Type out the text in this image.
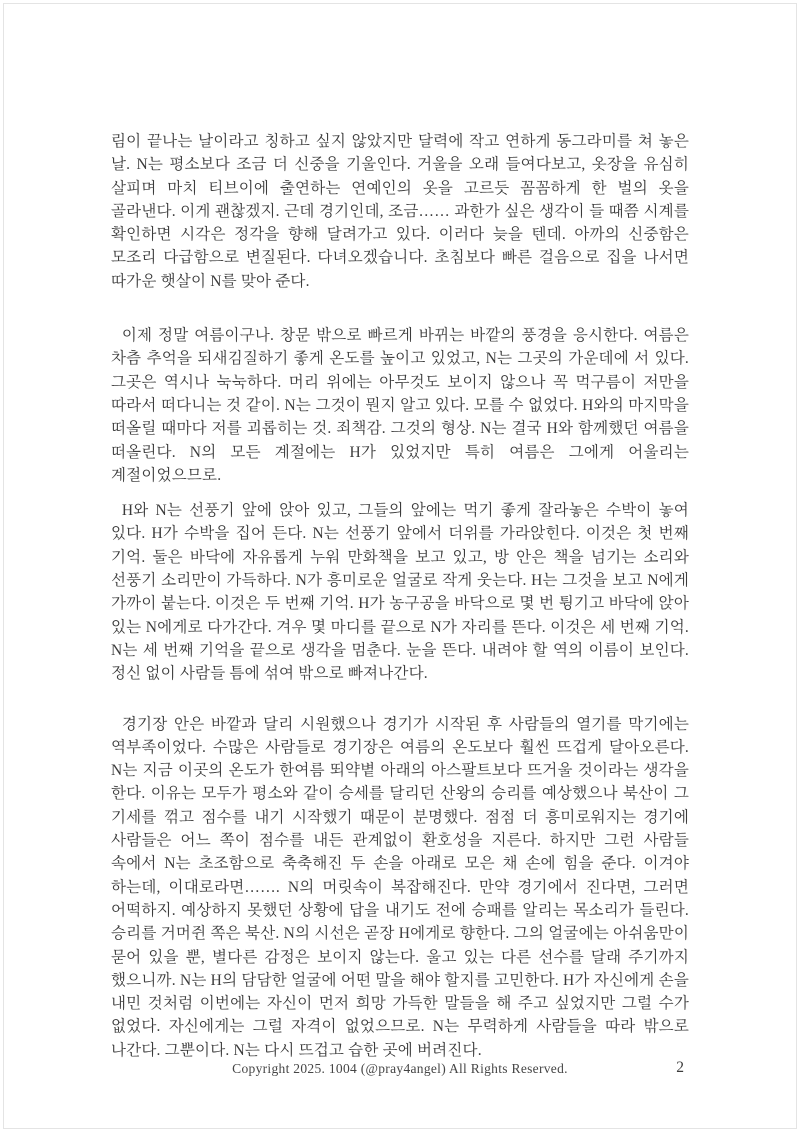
림이 끝나는 날이라고 칭하고 싶지 않았지만 달력에 작고 연하게 동그라미를 쳐 놓은 날. N는 평소보다 조금 더 신중을 기울인다. 거울을 오래 들여다보고, 옷장을 유심히 살피며 마치 티브이에 출연하는 연예인의 옷을 고르듯 꼼꼼하게 한 벌의 옷을 골라낸다. 이게 괜찮겠지. 근데 경기인데, 조금…… 과한가 싶은 생각이 들 때쯤 시계를 확인하면 시각은 정각을 향해 달려가고 있다. 이러다 늦을 텐데. 아까의 신중함은 모조리 다급함으로 변질된다. 다녀오겠습니다. 초침보다 빠른 걸음으로 집을 나서면 따가운 햇살이 N를 맞아 준다.

이제 정말 여름이구나. 창문 밖으로 빠르게 바뀌는 바깥의 풍경을 응시한다. 여름은 차츰 추억을 되새김질하기 좋게 온도를 높이고 있었고, N는 그곳의 가운데에 서 있다. 그곳은 역시나 눅눅하다. 머리 위에는 아무것도 보이지 않으나 꼭 먹구름이 저만을 따라서 떠다니는 것 같이. N는 그것이 뭔지 알고 있다. 모를 수 없었다. H와의 마지막을 떠올릴 때마다 저를 괴롭히는 것. 죄책감. 그것의 형상. N는 결국 H와 함께했던 여름을 떠올린다. N의 모든 계절에는 H가 있었지만 특히 여름은 그에게 어울리는 계절이었으므로.

H와 N는 선풍기 앞에 앉아 있고, 그들의 앞에는 먹기 좋게 잘라놓은 수박이 놓여 있다. H가 수박을 집어 든다. N는 선풍기 앞에서 더위를 가라앉힌다. 이것은 첫 번째 기억. 둘은 바닥에 자유롭게 누워 만화책을 보고 있고, 방 안은 책을 넘기는 소리와 선풍기 소리만이 가득하다. N가 흥미로운 얼굴로 작게 웃는다. H는 그것을 보고 N에게 가까이 붙는다. 이것은 두 번째 기억. H가 농구공을 바닥으로 몇 번 튕기고 바닥에 앉아 있는 N에게로 다가간다. 겨우 몇 마디를 끝으로 N가 자리를 뜬다. 이것은 세 번째 기억. N는 세 번째 기억을 끝으로 생각을 멈춘다. 눈을 뜬다. 내려야 할 역의 이름이 보인다. 정신 없이 사람들 틈에 섞여 밖으로 빠져나간다.

경기장 안은 바깥과 달리 시원했으나 경기가 시작된 후 사람들의 열기를 막기에는 역부족이었다. 수많은 사람들로 경기장은 여름의 온도보다 훨씬 뜨겁게 달아오른다. N는 지금 이곳의 온도가 한여름 뙤약볕 아래의 아스팔트보다 뜨거울 것이라는 생각을 한다. 이유는 모두가 평소와 같이 승세를 달리던 산왕의 승리를 예상했으나 북산이 그 기세를 꺾고 점수를 내기 시작했기 때문이 분명했다. 점점 더 흥미로워지는 경기에 사람들은 어느 쪽이 점수를 내든 관계없이 환호성을 지른다. 하지만 그런 사람들 속에서 N는 초조함으로 축축해진 두 손을 아래로 모은 채 손에 힘을 준다. 이겨야 하는데, 이대로라면……. N의 머릿속이 복잡해진다. 만약 경기에서 진다면, 그러면 어떡하지. 예상하지 못했던 상황에 답을 내기도 전에 승패를 알리는 목소리가 들린다. 승리를 거머쥔 쪽은 북산. N의 시선은 곧장 H에게로 향한다. 그의 얼굴에는 아쉬움만이 묻어 있을 뿐, 별다른 감정은 보이지 않는다. 울고 있는 다른 선수를 달래 주기까지 했으니까. N는 H의 담담한 얼굴에 어떤 말을 해야 할지를 고민한다. H가 자신에게 손을 내민 것처럼 이번에는 자신이 먼저 희망 가득한 말들을 해 주고 싶었지만 그럴 수가 없었다. 자신에게는 그럴 자격이 없었으므로. N는 무력하게 사람들을 따라 밖으로 나간다. 그뿐이다. N는 다시 뜨겁고 습한 곳에 버려진다.

Copyright 2025. 1004 (@pray4angel) All Rights Reserved.	2
